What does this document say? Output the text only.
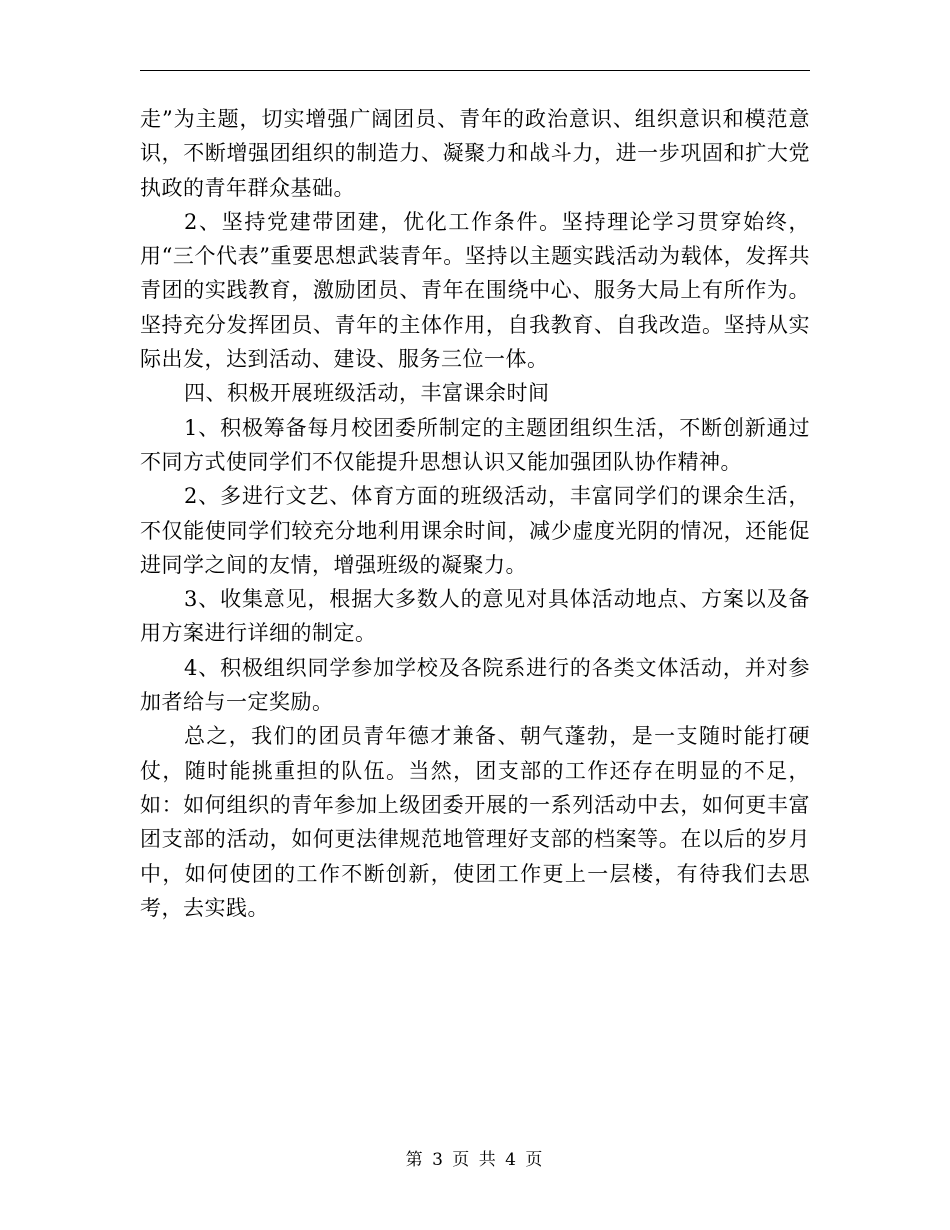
走”为主题，切实增强广阔团员、青年的政治意识、组织意识和模范意识，不断增强团组织的制造力、凝聚力和战斗力，进一步巩固和扩大党执政的青年群众基础。

2、坚持党建带团建，优化工作条件。坚持理论学习贯穿始终，用“三个代表”重要思想武装青年。坚持以主题实践活动为载体，发挥共青团的实践教育，激励团员、青年在围绕中心、服务大局上有所作为。坚持充分发挥团员、青年的主体作用，自我教育、自我改造。坚持从实际出发，达到活动、建设、服务三位一体。

四、积极开展班级活动，丰富课余时间

1、积极筹备每月校团委所制定的主题团组织生活，不断创新通过不同方式使同学们不仅能提升思想认识又能加强团队协作精神。

2、多进行文艺、体育方面的班级活动，丰富同学们的课余生活，不仅能使同学们较充分地利用课余时间，减少虚度光阴的情况，还能促进同学之间的友情，增强班级的凝聚力。

3、收集意见，根据大多数人的意见对具体活动地点、方案以及备用方案进行详细的制定。

4、积极组织同学参加学校及各院系进行的各类文体活动，并对参加者给与一定奖励。

总之，我们的团员青年德才兼备、朝气蓬勃，是一支随时能打硬仗，随时能挑重担的队伍。当然，团支部的工作还存在明显的不足，如：如何组织的青年参加上级团委开展的一系列活动中去，如何更丰富团支部的活动，如何更法律规范地管理好支部的档案等。在以后的岁月中，如何使团的工作不断创新，使团工作更上一层楼，有待我们去思考，去实践。

第 3 页 共 4 页
